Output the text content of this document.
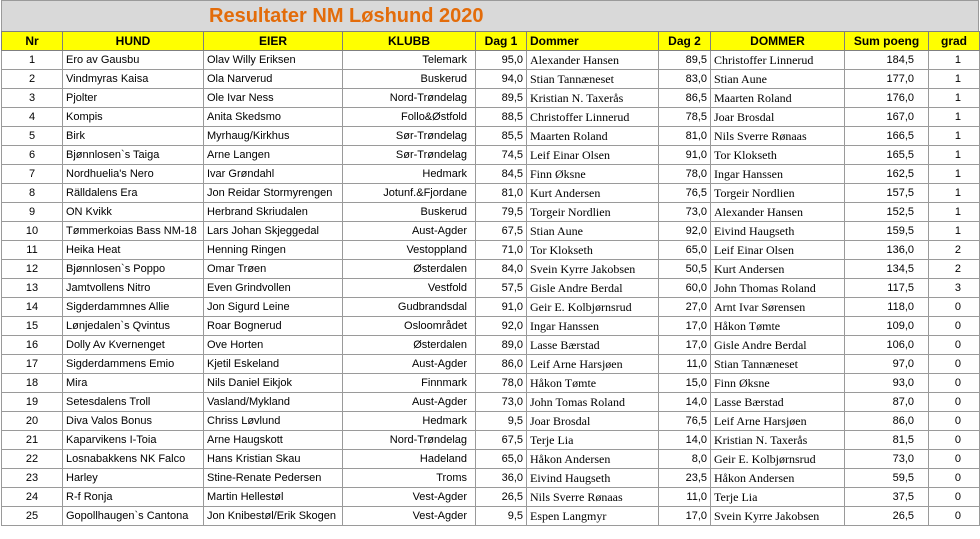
Resultater NM Løshund 2020
Nr	HUND	EIER	KLUBB	Dag 1	Dommer	Dag 2	DOMMER	Sum poeng	grad
1	Ero av Gausbu	Olav Willy Eriksen	Telemark	95,0	Alexander Hansen	89,5	Christoffer Linnerud	184,5	1
2	Vindmyras Kaisa	Ola Narverud	Buskerud	94,0	Stian Tannæneset	83,0	Stian Aune	177,0	1
3	Pjolter	Ole Ivar Ness	Nord-Trøndelag	89,5	Kristian N. Taxerås	86,5	Maarten Roland	176,0	1
4	Kompis	Anita Skedsmo	Follo&Østfold	88,5	Christoffer Linnerud	78,5	Joar Brosdal	167,0	1
5	Birk	Myrhaug/Kirkhus	Sør-Trøndelag	85,5	Maarten Roland	81,0	Nils Sverre Rønaas	166,5	1
6	Bjønnlosen`s Taiga	Arne Langen	Sør-Trøndelag	74,5	Leif Einar Olsen	91,0	Tor Klokseth	165,5	1
7	Nordhuelia's Nero	Ivar Grøndahl	Hedmark	84,5	Finn Øksne	78,0	Ingar Hanssen	162,5	1
8	Rälldalens Era	Jon Reidar Stormyrengen	Jotunf.&Fjordane	81,0	Kurt Andersen	76,5	Torgeir Nordlien	157,5	1
9	ON Kvikk	Herbrand Skriudalen	Buskerud	79,5	Torgeir Nordlien	73,0	Alexander Hansen	152,5	1
10	Tømmerkoias Bass NM-18	Lars Johan Skjeggedal	Aust-Agder	67,5	Stian Aune	92,0	Eivind Haugseth	159,5	1
11	Heika Heat	Henning Ringen	Vestoppland	71,0	Tor Klokseth	65,0	Leif Einar Olsen	136,0	2
12	Bjønnlosen`s Poppo	Omar Trøen	Østerdalen	84,0	Svein Kyrre Jakobsen	50,5	Kurt Andersen	134,5	2
13	Jamtvollens Nitro	Even Grindvollen	Vestfold	57,5	Gisle Andre Berdal	60,0	John Thomas Roland	117,5	3
14	Sigderdammnes Allie	Jon Sigurd Leine	Gudbrandsdal	91,0	Geir E. Kolbjørnsrud	27,0	Arnt Ivar Sørensen	118,0	0
15	Lønjedalen`s Qvintus	Roar Bognerud	Osloområdet	92,0	Ingar Hanssen	17,0	Håkon Tømte	109,0	0
16	Dolly Av Kvernenget	Ove Horten	Østerdalen	89,0	Lasse Bærstad	17,0	Gisle Andre Berdal	106,0	0
17	Sigderdammens Emio	Kjetil Eskeland	Aust-Agder	86,0	Leif Arne Harsjøen	11,0	Stian Tannæneset	97,0	0
18	Mira	Nils Daniel Eikjok	Finnmark	78,0	Håkon Tømte	15,0	Finn Øksne	93,0	0
19	Setesdalens Troll	Vasland/Mykland	Aust-Agder	73,0	John Tomas Roland	14,0	Lasse Bærstad	87,0	0
20	Diva Valos Bonus	Chriss Løvlund	Hedmark	9,5	Joar Brosdal	76,5	Leif Arne Harsjøen	86,0	0
21	Kaparvikens I-Toia	Arne Haugskott	Nord-Trøndelag	67,5	Terje Lia	14,0	Kristian N. Taxerås	81,5	0
22	Losnabakkens NK Falco	Hans Kristian Skau	Hadeland	65,0	Håkon Andersen	8,0	Geir E. Kolbjørnsrud	73,0	0
23	Harley	Stine-Renate Pedersen	Troms	36,0	Eivind Haugseth	23,5	Håkon Andersen	59,5	0
24	R-f Ronja	Martin Hellestøl	Vest-Agder	26,5	Nils Sverre Rønaas	11,0	Terje Lia	37,5	0
25	Gopollhaugen`s Cantona	Jon Knibestøl/Erik Skogen	Vest-Agder	9,5	Espen Langmyr	17,0	Svein Kyrre Jakobsen	26,5	0
